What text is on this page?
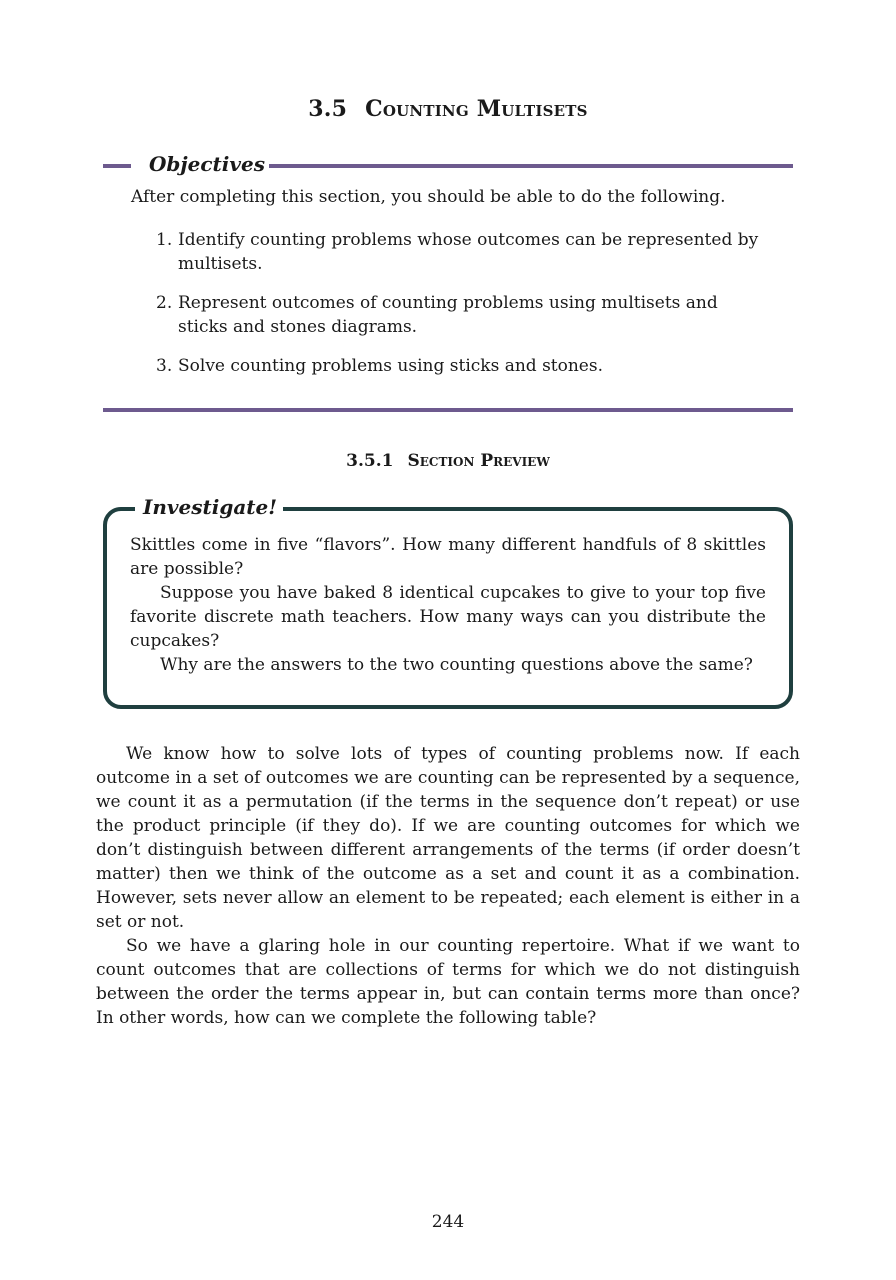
3.5 Counting Multisets
Objectives
After completing this section, you should be able to do the following.
1. Identify counting problems whose outcomes can be represented by multisets.
2. Represent outcomes of counting problems using multisets and sticks and stones diagrams.
3. Solve counting problems using sticks and stones.
3.5.1 Section Preview
Investigate!

Skittles come in five “flavors”. How many different handfuls of 8 skittles are possible?

Suppose you have baked 8 identical cupcakes to give to your top five favorite discrete math teachers. How many ways can you distribute the cupcakes?

Why are the answers to the two counting questions above the same?

We know how to solve lots of types of counting problems now. If each outcome in a set of outcomes we are counting can be represented by a sequence, we count it as a permutation (if the terms in the sequence don’t repeat) or use the product principle (if they do). If we are counting outcomes for which we don’t distinguish between different arrangements of the terms (if order doesn’t matter) then we think of the outcome as a set and count it as a combination. However, sets never allow an element to be repeated; each element is either in a set or not.

So we have a glaring hole in our counting repertoire. What if we want to count outcomes that are collections of terms for which we do not distinguish between the order the terms appear in, but can contain terms more than once? In other words, how can we complete the following table?

244
